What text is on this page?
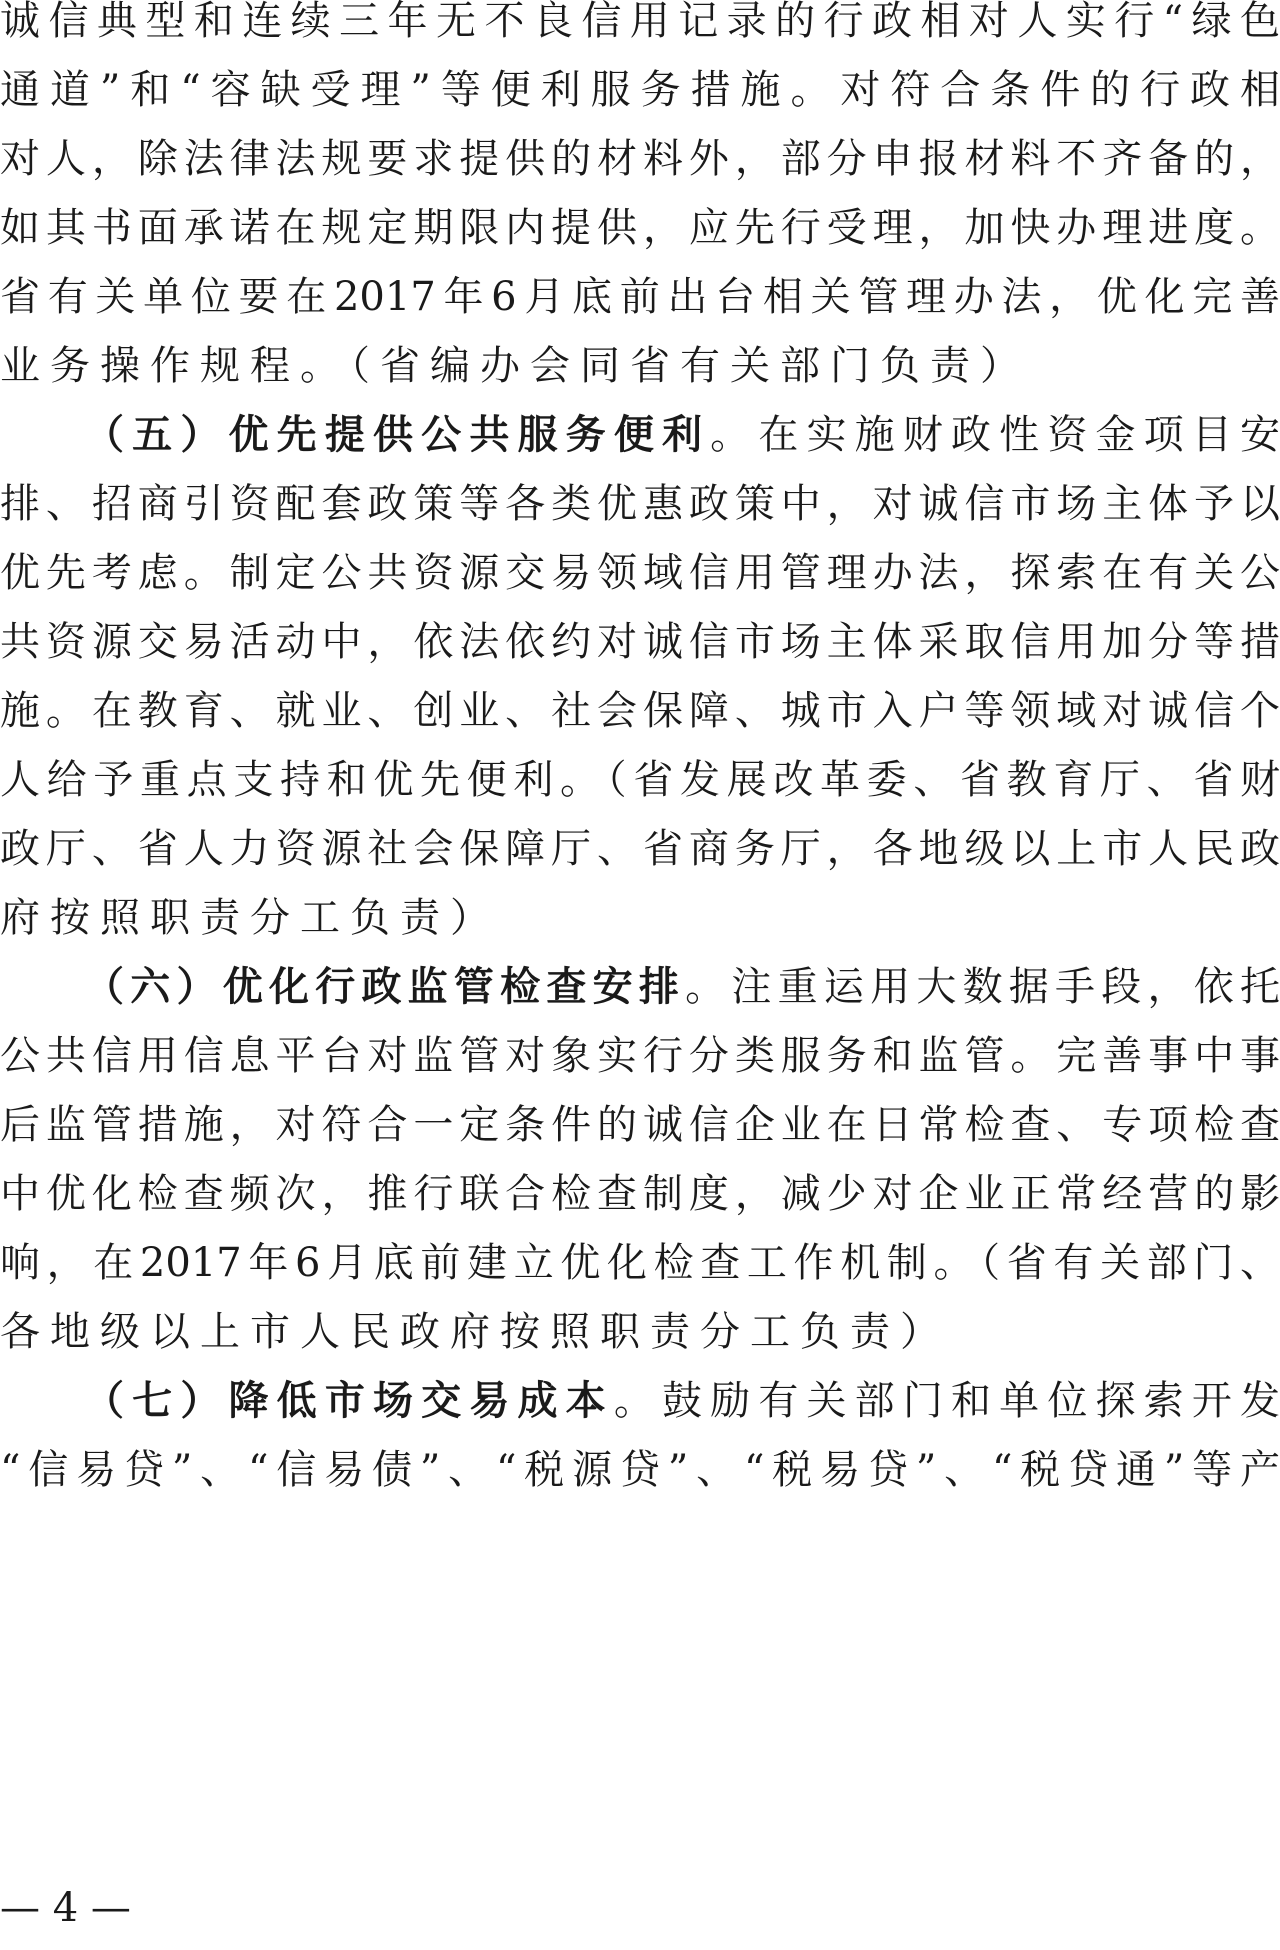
诚信典型和连续三年无不良信用记录的行政相对人实行“绿色
通道”和“容缺受理”等便利服务措施。对符合条件的行政相
对人，除法律法规要求提供的材料外，部分申报材料不齐备的，
如其书面承诺在规定期限内提供，应先行受理，加快办理进度。
省有关单位要在2017年6月底前出台相关管理办法，优化完善
业务操作规程。（省编办会同省有关部门负责）
（五）优先提供公共服务便利。在实施财政性资金项目安
排、招商引资配套政策等各类优惠政策中，对诚信市场主体予以
优先考虑。制定公共资源交易领域信用管理办法，探索在有关公
共资源交易活动中，依法依约对诚信市场主体采取信用加分等措
施。在教育、就业、创业、社会保障、城市入户等领域对诚信个
人给予重点支持和优先便利。（省发展改革委、省教育厅、省财
政厅、省人力资源社会保障厅、省商务厅，各地级以上市人民政
府按照职责分工负责）
（六）优化行政监管检查安排。注重运用大数据手段，依托
公共信用信息平台对监管对象实行分类服务和监管。完善事中事
后监管措施，对符合一定条件的诚信企业在日常检查、专项检查
中优化检查频次，推行联合检查制度，减少对企业正常经营的影
响，在2017年6月底前建立优化检查工作机制。（省有关部门、
各地级以上市人民政府按照职责分工负责）
（七）降低市场交易成本。鼓励有关部门和单位探索开发
“信易贷”、“信易债”、“税源贷”、“税易贷”、“税贷通”等产
— 4 —
